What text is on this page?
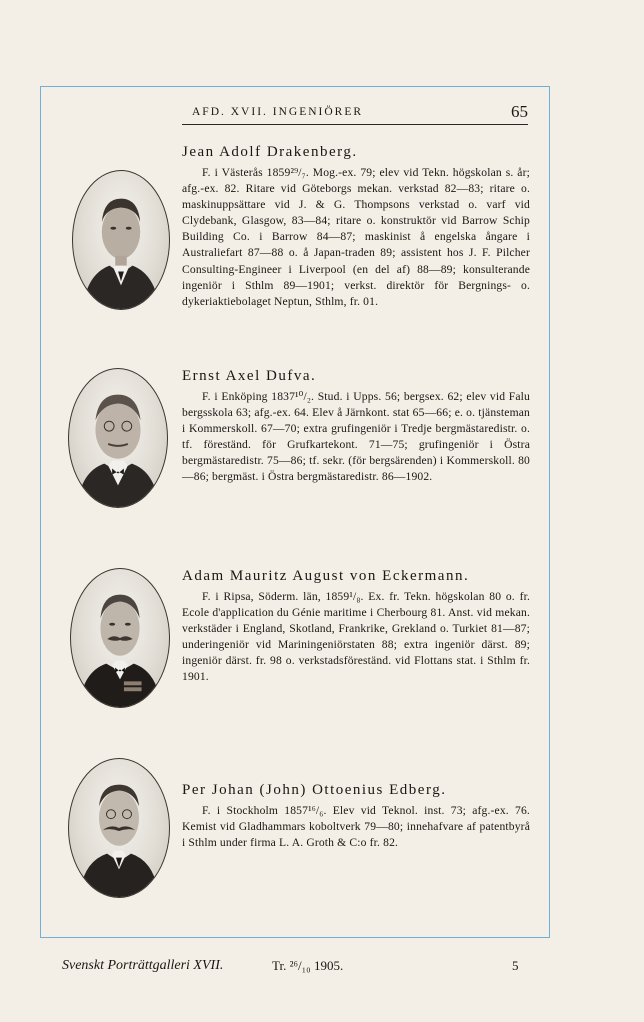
AFD. XVII. INGENIÖRER	65

Jean Adolf Drakenberg.

F. i Västerås 1859²⁹/₇. Mog.-ex. 79; elev vid Tekn. högskolan s. år; afg.-ex. 82. Ritare vid Göteborgs mekan. verkstad 82—83; ritare o. maskinuppsättare vid J. & G. Thompsons verkstad o. varf vid Clydebank, Glasgow, 83—84; ritare o. konstruktör vid Barrow Schip Building Co. i Barrow 84—87; maskinist å engelska ångare i Australiefart 87—88 o. å Japan-traden 89; assistent hos J. F. Pilcher Consulting-Engineer i Liverpool (en del af) 88—89; konsulterande ingeniör i Sthlm 89—1901; verkst. direktör för Bergnings- o. dykeriaktiebolaget Neptun, Sthlm, fr. 01.

Ernst Axel Dufva.

F. i Enköping 1837¹⁰/₂. Stud. i Upps. 56; bergsex. 62; elev vid Falu bergsskola 63; afg.-ex. 64. Elev å Järnkont. stat 65—66; e. o. tjänsteman i Kommerskoll. 67—70; extra grufingeniör i Tredje bergmästaredistr. o. tf. föreständ. för Grufkartekont. 71—75; grufingeniör i Östra bergmästaredistr. 75—86; tf. sekr. (för bergsärenden) i Kommerskoll. 80—86; bergmäst. i Östra bergmästaredistr. 86—1902.

Adam Mauritz August von Eckermann.

F. i Ripsa, Söderm. län, 1859¹/₈. Ex. fr. Tekn. högskolan 80 o. fr. Ecole d'application du Génie maritime i Cherbourg 81. Anst. vid mekan. verkstäder i England, Skotland, Frankrike, Grekland o. Turkiet 81—87; underingeniör vid Mariningeniörstaten 88; extra ingeniör därst. 89; ingeniör därst. fr. 98 o. verkstadsföreständ. vid Flottans stat. i Sthlm fr. 1901.

Per Johan (John) Ottoenius Edberg.

F. i Stockholm 1857¹⁶/₆. Elev vid Teknol. inst. 73; afg.-ex. 76. Kemist vid Gladhammars koboltverk 79—80; innehafvare af patentbyrå i Sthlm under firma L. A. Groth & C:o fr. 82.
Svenskt Porträttgalleri XVII.	Tr. ²⁶/₁₀ 1905.	5
